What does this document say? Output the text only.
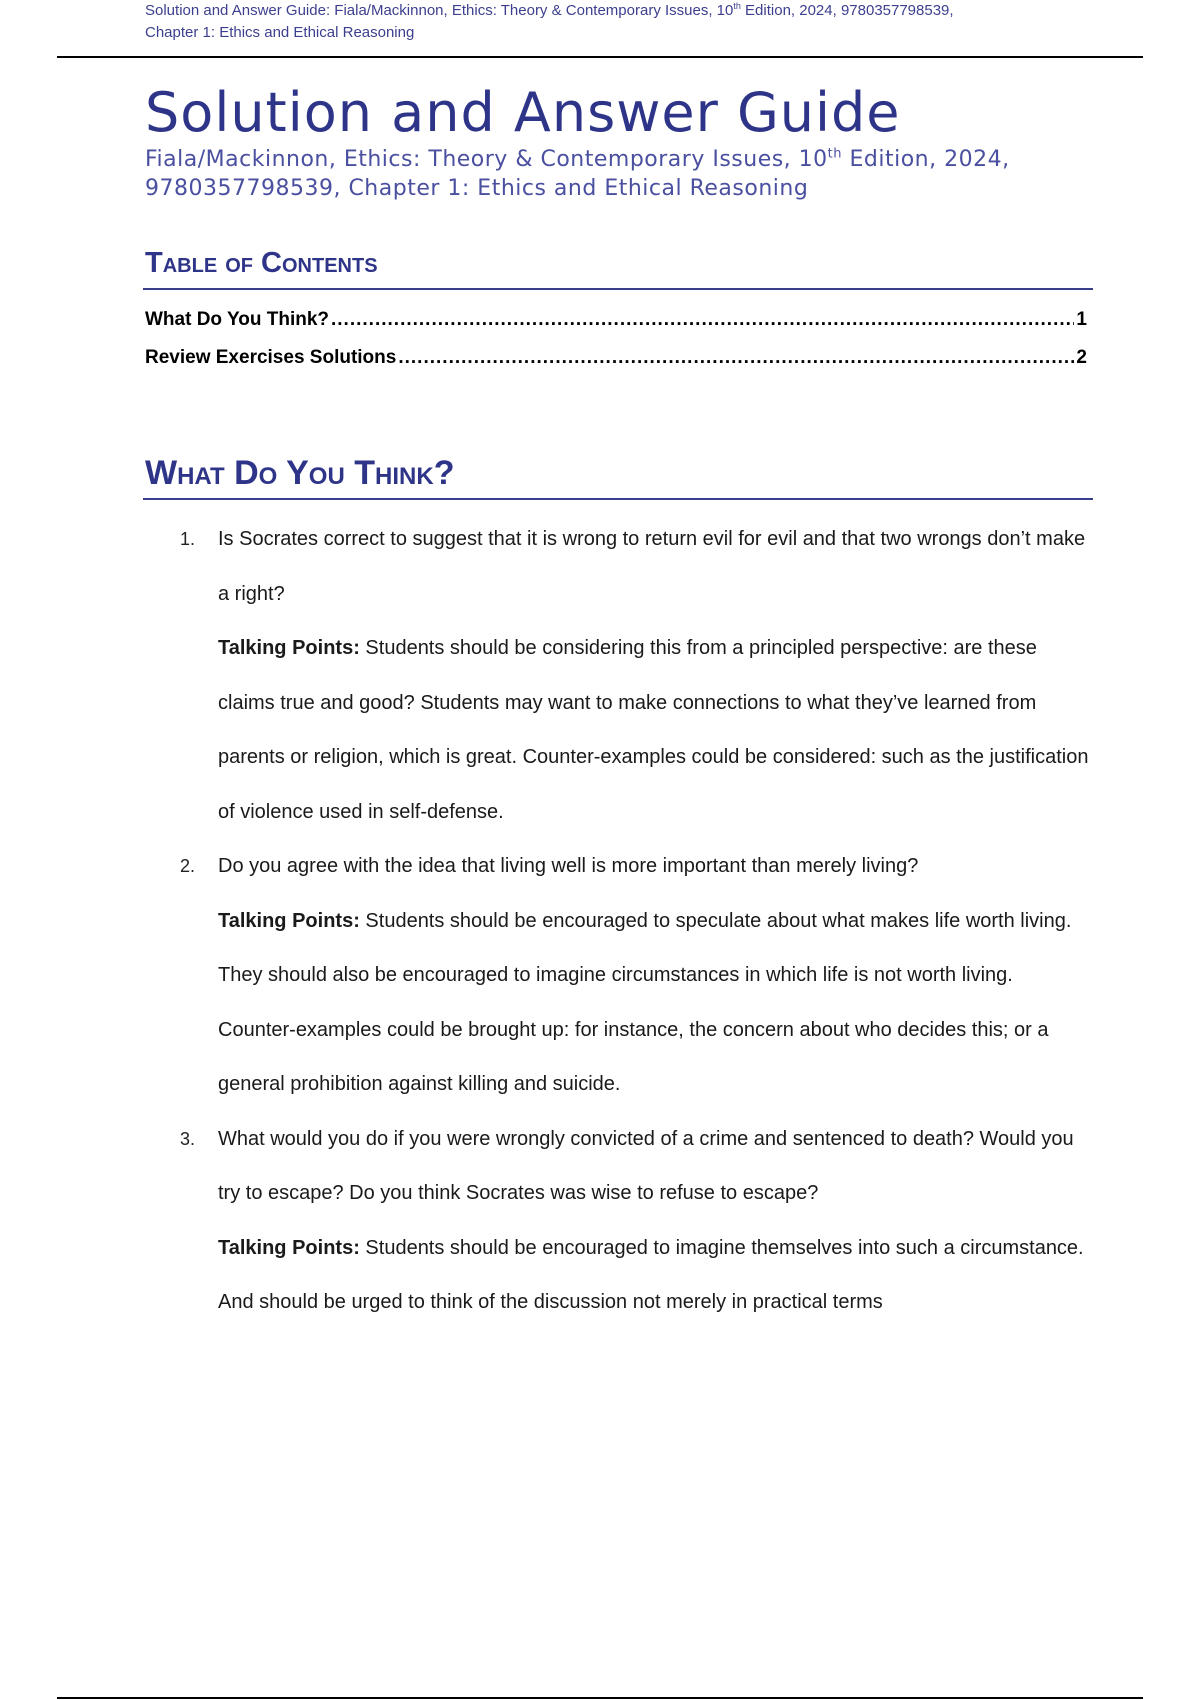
Solution and Answer Guide: Fiala/Mackinnon, Ethics: Theory & Contemporary Issues, 10th Edition, 2024, 9780357798539,
Chapter 1: Ethics and Ethical Reasoning
Solution and Answer Guide
Fiala/Mackinnon, Ethics: Theory & Contemporary Issues, 10th Edition, 2024,
9780357798539, Chapter 1: Ethics and Ethical Reasoning
Table of Contents
What Do You Think? .....	1
Review Exercises Solutions .....	2
What Do You Think?
1.	Is Socrates correct to suggest that it is wrong to return evil for evil and that two wrongs don’t make a right?

Talking Points: Students should be considering this from a principled perspective: are these claims true and good? Students may want to make connections to what they’ve learned from parents or religion, which is great. Counter-examples could be considered: such as the justification of violence used in self-defense.

2.	Do you agree with the idea that living well is more important than merely living?

Talking Points: Students should be encouraged to speculate about what makes life worth living. They should also be encouraged to imagine circumstances in which life is not worth living. Counter-examples could be brought up: for instance, the concern about who decides this; or a general prohibition against killing and suicide.

3.	What would you do if you were wrongly convicted of a crime and sentenced to death? Would you try to escape? Do you think Socrates was wise to refuse to escape?

Talking Points: Students should be encouraged to imagine themselves into such a circumstance. And should be urged to think of the discussion not merely in practical terms
